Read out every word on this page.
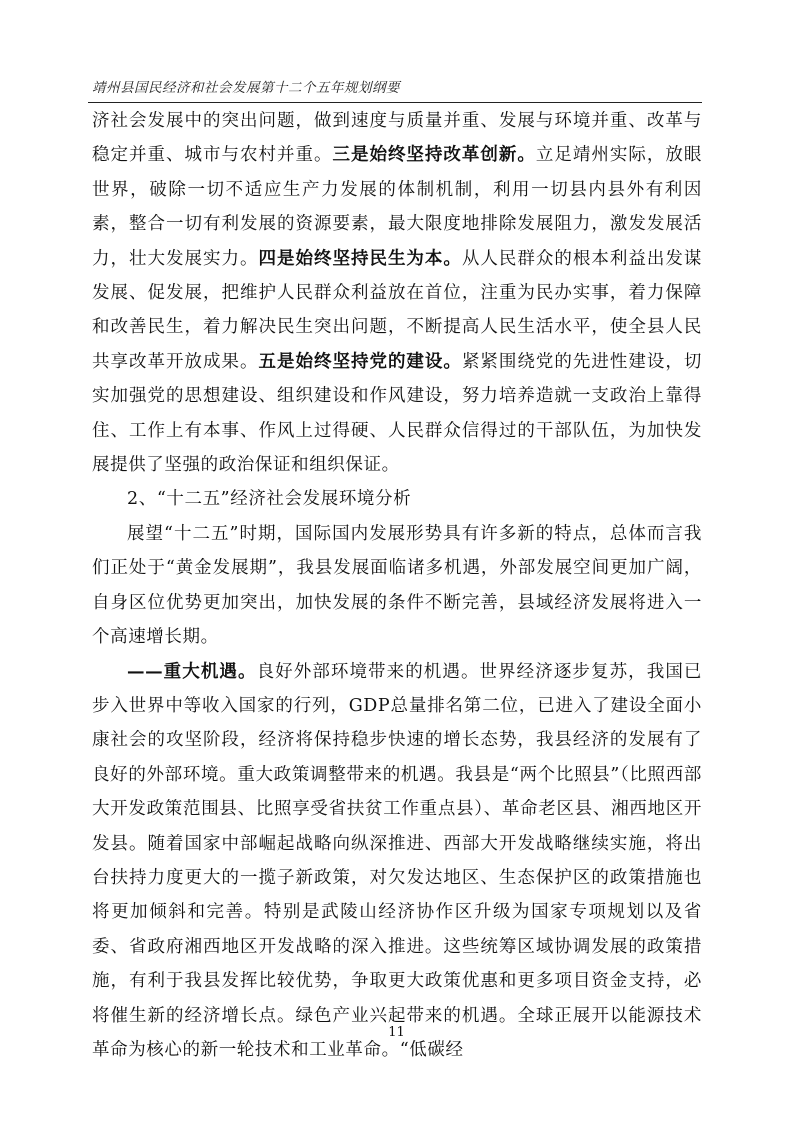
靖州县国民经济和社会发展第十二个五年规划纲要

济社会发展中的突出问题，做到速度与质量并重、发展与环境并重、改革与稳定并重、城市与农村并重。三是始终坚持改革创新。立足靖州实际，放眼世界，破除一切不适应生产力发展的体制机制，利用一切县内县外有利因素，整合一切有利发展的资源要素，最大限度地排除发展阻力，激发发展活力，壮大发展实力。四是始终坚持民生为本。从人民群众的根本利益出发谋发展、促发展，把维护人民群众利益放在首位，注重为民办实事，着力保障和改善民生，着力解决民生突出问题，不断提高人民生活水平，使全县人民共享改革开放成果。五是始终坚持党的建设。紧紧围绕党的先进性建设，切实加强党的思想建设、组织建设和作风建设，努力培养造就一支政治上靠得住、工作上有本事、作风上过得硬、人民群众信得过的干部队伍，为加快发展提供了坚强的政治保证和组织保证。

2、“十二五”经济社会发展环境分析

展望“十二五”时期，国际国内发展形势具有许多新的特点，总体而言我们正处于“黄金发展期”，我县发展面临诸多机遇，外部发展空间更加广阔，自身区位优势更加突出，加快发展的条件不断完善，县域经济发展将进入一个高速增长期。

——重大机遇。良好外部环境带来的机遇。世界经济逐步复苏，我国已步入世界中等收入国家的行列，GDP总量排名第二位，已进入了建设全面小康社会的攻坚阶段，经济将保持稳步快速的增长态势，我县经济的发展有了良好的外部环境。重大政策调整带来的机遇。我县是“两个比照县”（比照西部大开发政策范围县、比照享受省扶贫工作重点县）、革命老区县、湘西地区开发县。随着国家中部崛起战略向纵深推进、西部大开发战略继续实施，将出台扶持力度更大的一揽子新政策，对欠发达地区、生态保护区的政策措施也将更加倾斜和完善。特别是武陵山经济协作区升级为国家专项规划以及省委、省政府湘西地区开发战略的深入推进。这些统筹区域协调发展的政策措施，有利于我县发挥比较优势，争取更大政策优惠和更多项目资金支持，必将催生新的经济增长点。绿色产业兴起带来的机遇。全球正展开以能源技术革命为核心的新一轮技术和工业革命。“低碳经

11
